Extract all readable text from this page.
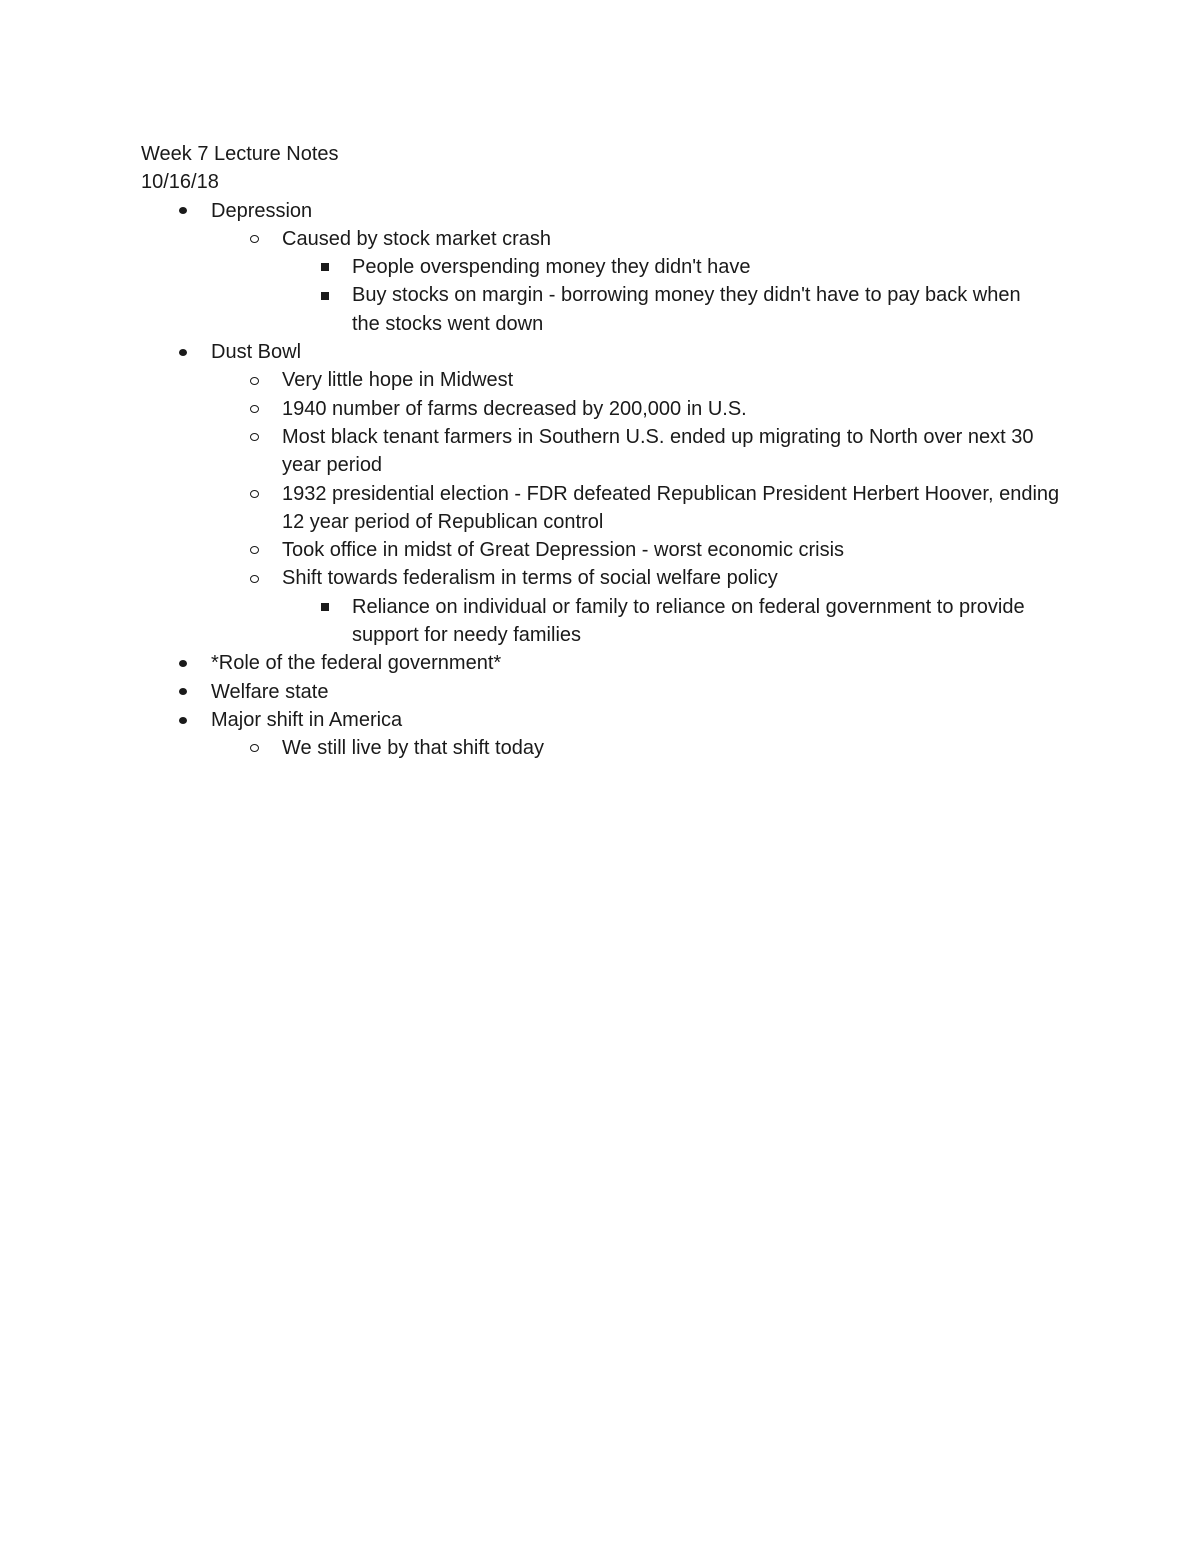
Week 7 Lecture Notes

10/16/18

Depression
Caused by stock market crash
People overspending money they didn't have
Buy stocks on margin - borrowing money they didn't have to pay back when the stocks went down
Dust Bowl
Very little hope in Midwest
1940 number of farms decreased by 200,000 in U.S.
Most black tenant farmers in Southern U.S. ended up migrating to North over next 30 year period
1932 presidential election - FDR defeated Republican President Herbert Hoover, ending 12 year period of Republican control
Took office in midst of Great Depression - worst economic crisis
Shift towards federalism in terms of social welfare policy
Reliance on individual or family to reliance on federal government to provide support for needy families
*Role of the federal government*
Welfare state
Major shift in America
We still live by that shift today
